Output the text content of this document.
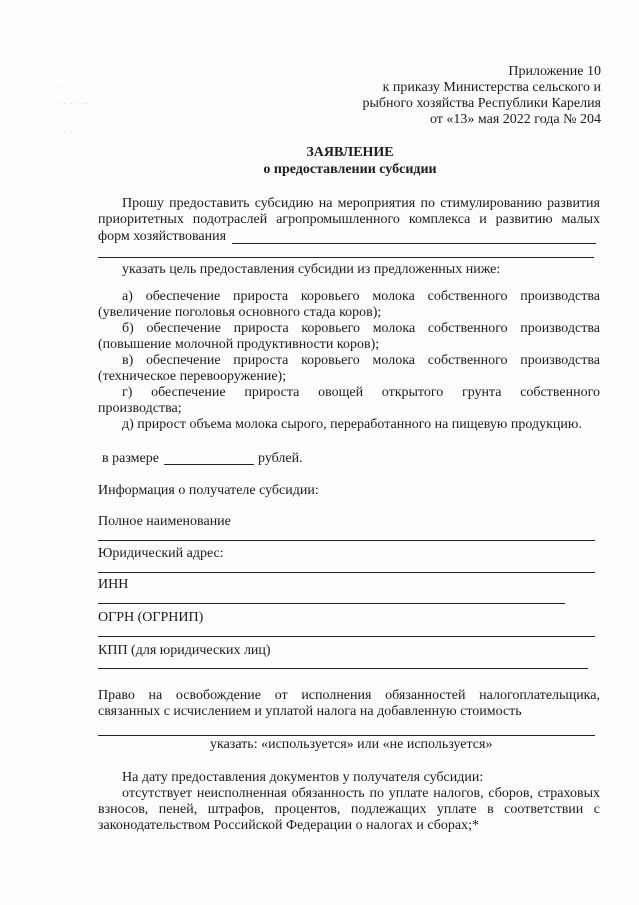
· · ·
· ·· ·:· ··
·· · ·
Приложение 10
к приказу Министерства сельского и
рыбного хозяйства Республики Карелия
от «13» мая 2022 года № 204
ЗАЯВЛЕНИЕ
о предоставлении субсидии
Прошу предоставить субсидию на мероприятия по стимулированию развития
приоритетных подотраслей агропромышленного комплекса и развитию малых
форм хозяйствования
указать цель предоставления субсидии из предложенных ниже:
а) обеспечение прироста коровьего молока собственного производства
(увеличение поголовья основного стада коров);
б) обеспечение прироста коровьего молока собственного производства
(повышение молочной продуктивности коров);
в) обеспечение прироста коровьего молока собственного производства
(техническое перевооружение);
г) обеспечение прироста овощей открытого грунта собственного
производства;
д) прирост объема молока сырого, переработанного на пищевую продукцию.
в размере	рублей.
Информация о получателе субсидии:
Полное наименование
Юридический адрес:
ИНН
ОГРН (ОГРНИП)
КПП (для юридических лиц)
Право на освобождение от исполнения обязанностей налогоплательщика,
связанных с исчислением и уплатой налога на добавленную стоимость
указать: «используется» или «не используется»
На дату предоставления документов у получателя субсидии:
отсутствует неисполненная обязанность по уплате налогов, сборов, страховых
взносов, пеней, штрафов, процентов, подлежащих уплате в соответствии с
законодательством Российской Федерации о налогах и сборах;*
